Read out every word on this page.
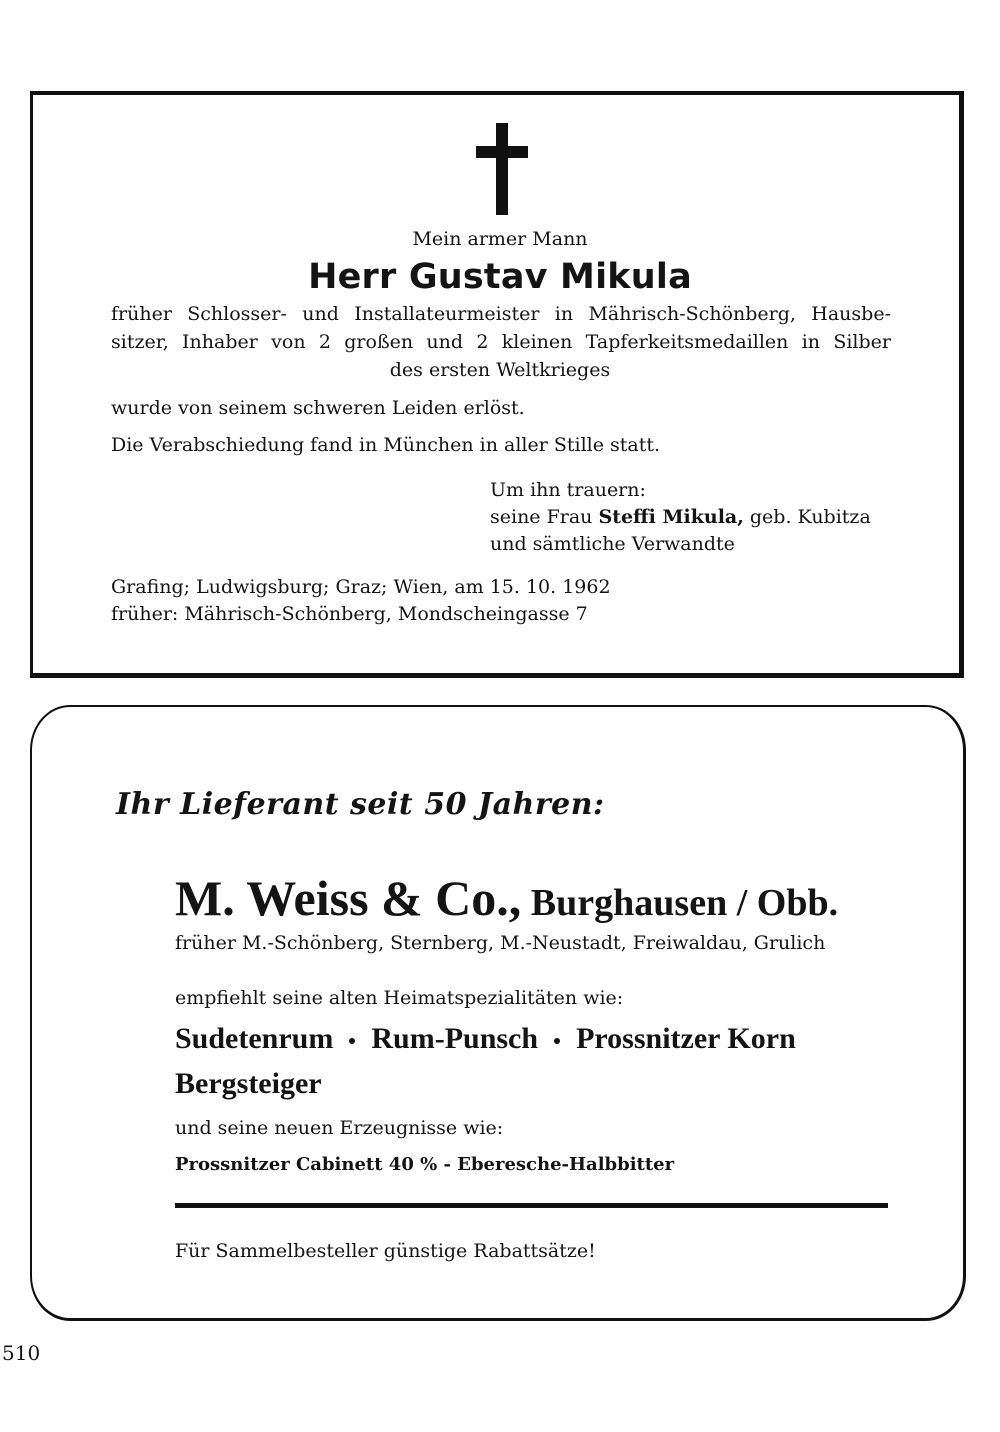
Mein armer Mann
Herr Gustav Mikula
früher Schlosser- und Installateurmeister in Mährisch-Schönberg, Hausbe-
sitzer, Inhaber von 2 großen und 2 kleinen Tapferkeitsmedaillen in Silber
des ersten Weltkrieges
wurde von seinem schweren Leiden erlöst.
Die Verabschiedung fand in München in aller Stille statt.
Um ihn trauern:
seine Frau Steffi Mikula, geb. Kubitza
und sämtliche Verwandte
Grafing; Ludwigsburg; Graz; Wien, am 15. 10. 1962
früher: Mährisch-Schönberg, Mondscheingasse 7
Ihr Lieferant seit 50 Jahren:
M. Weiss & Co., Burghausen / Obb.
früher M.-Schönberg, Sternberg, M.-Neustadt, Freiwaldau, Grulich
empfiehlt seine alten Heimatspezialitäten wie:
Sudetenrum Rum-Punsch Prossnitzer Korn
Bergsteiger
und seine neuen Erzeugnisse wie:
Prossnitzer Cabinett 40 % - Eberesche-Halbbitter
Für Sammelbesteller günstige Rabattsätze!
510
